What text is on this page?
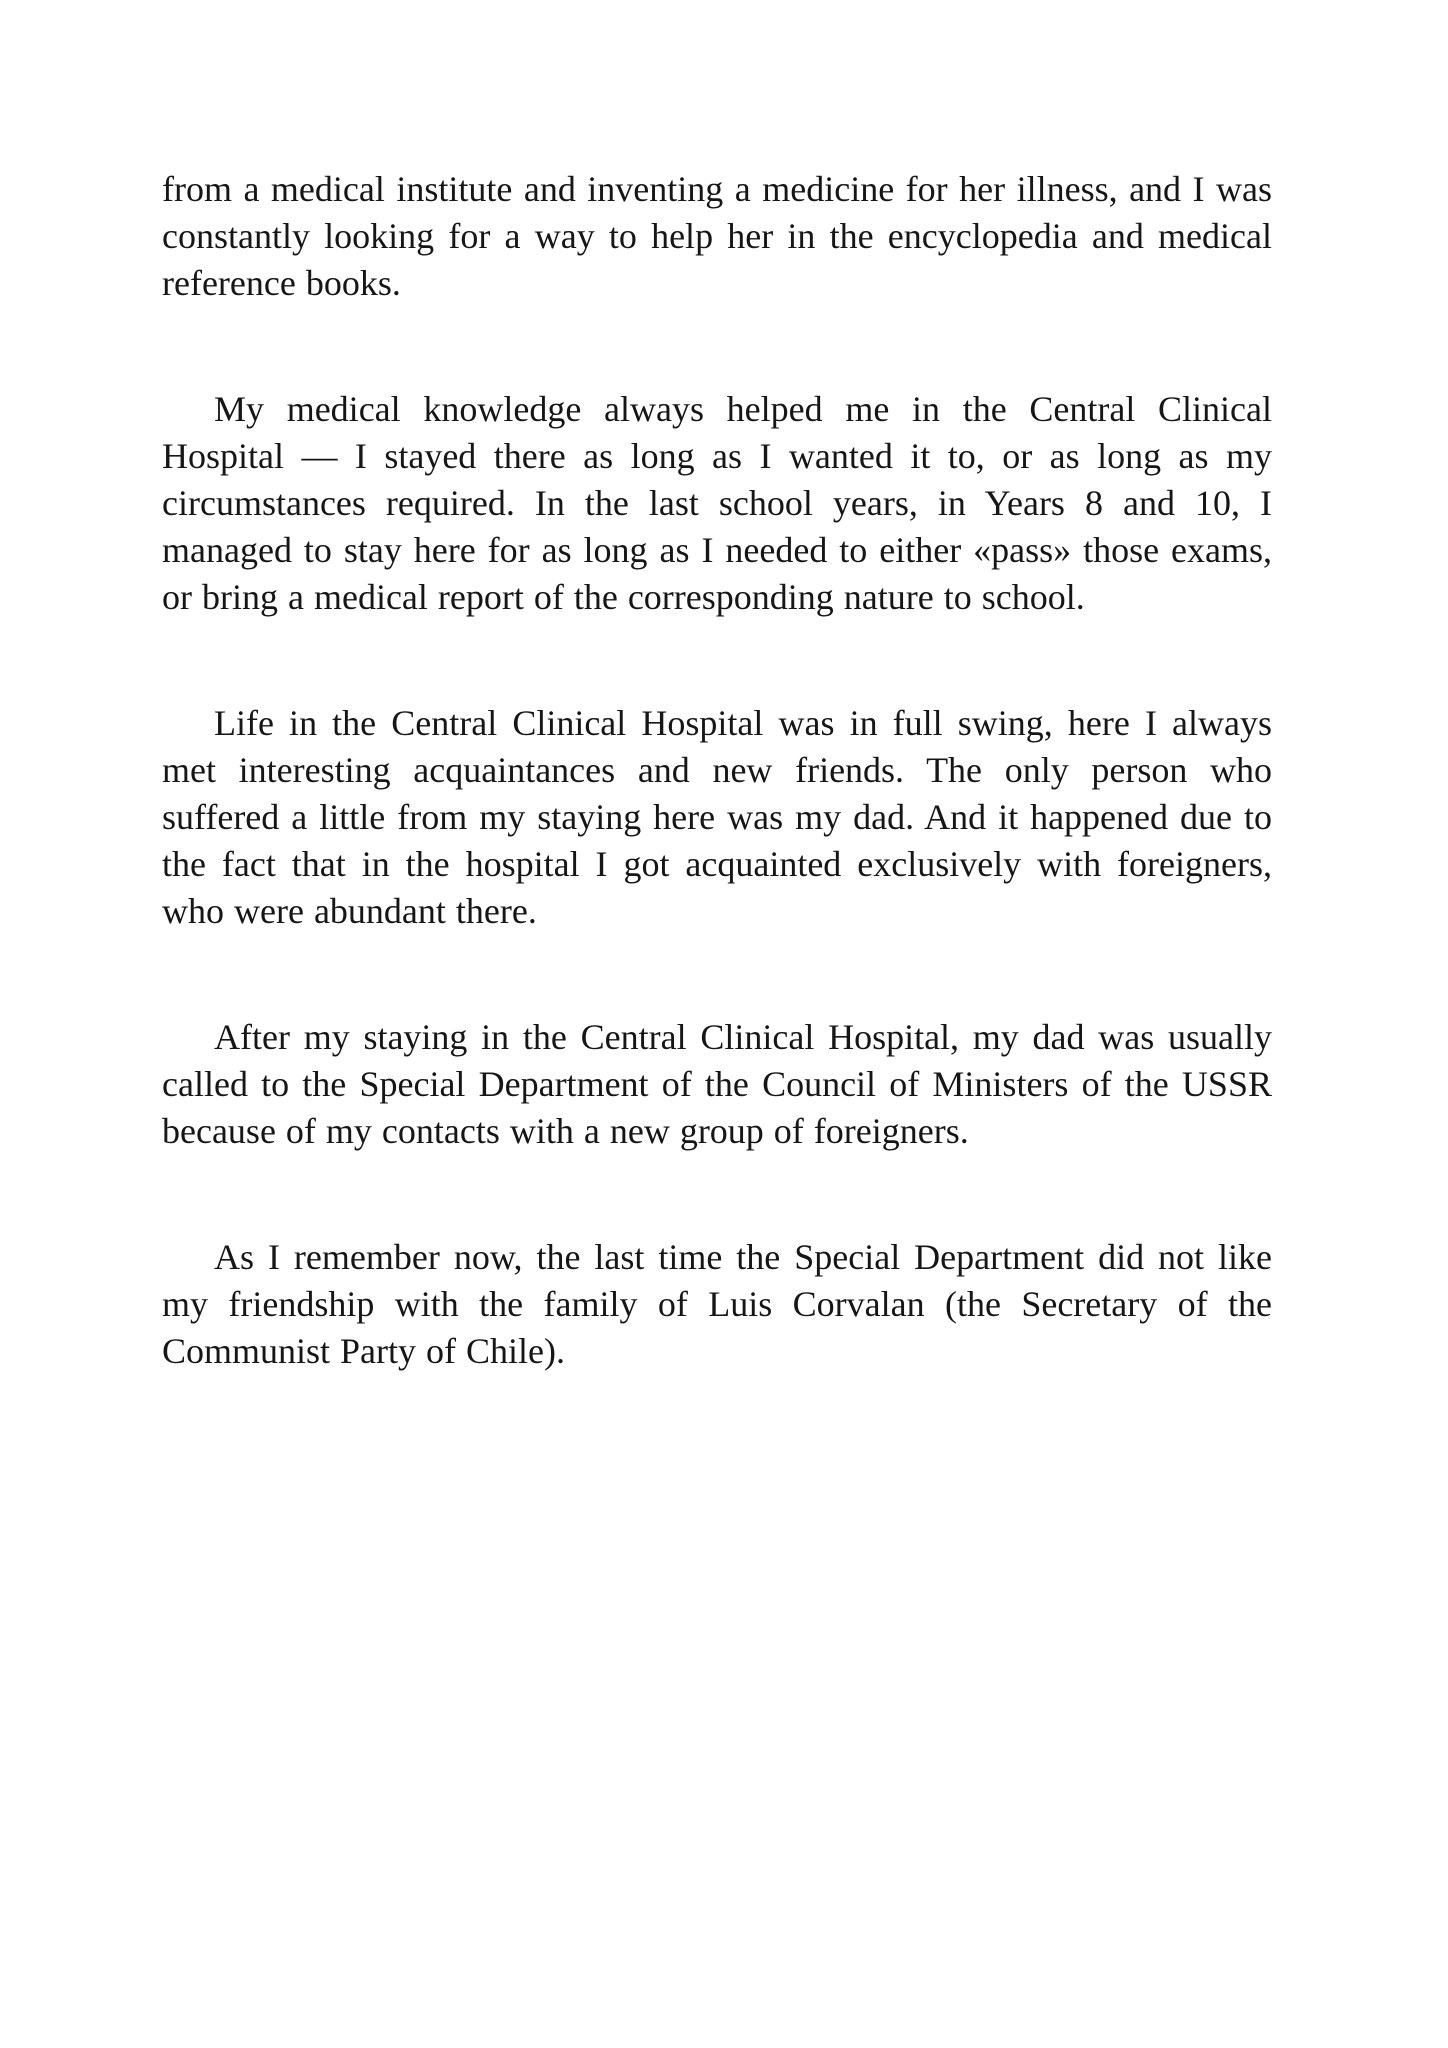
from a medical institute and inventing a medicine for her illness, and I was constantly looking for a way to help her in the encyclopedia and medical reference books.

My medical knowledge always helped me in the Central Clinical Hospital — I stayed there as long as I wanted it to, or as long as my circumstances required. In the last school years, in Years 8 and 10, I managed to stay here for as long as I needed to either «pass» those exams, or bring a medical report of the corresponding nature to school.

Life in the Central Clinical Hospital was in full swing, here I always met interesting acquaintances and new friends. The only person who suffered a little from my staying here was my dad. And it happened due to the fact that in the hospital I got acquainted exclusively with foreigners, who were abundant there.

After my staying in the Central Clinical Hospital, my dad was usually called to the Special Department of the Council of Ministers of the USSR because of my contacts with a new group of foreigners.

As I remember now, the last time the Special Department did not like my friendship with the family of Luis Corvalan (the Secretary of the Communist Party of Chile).
